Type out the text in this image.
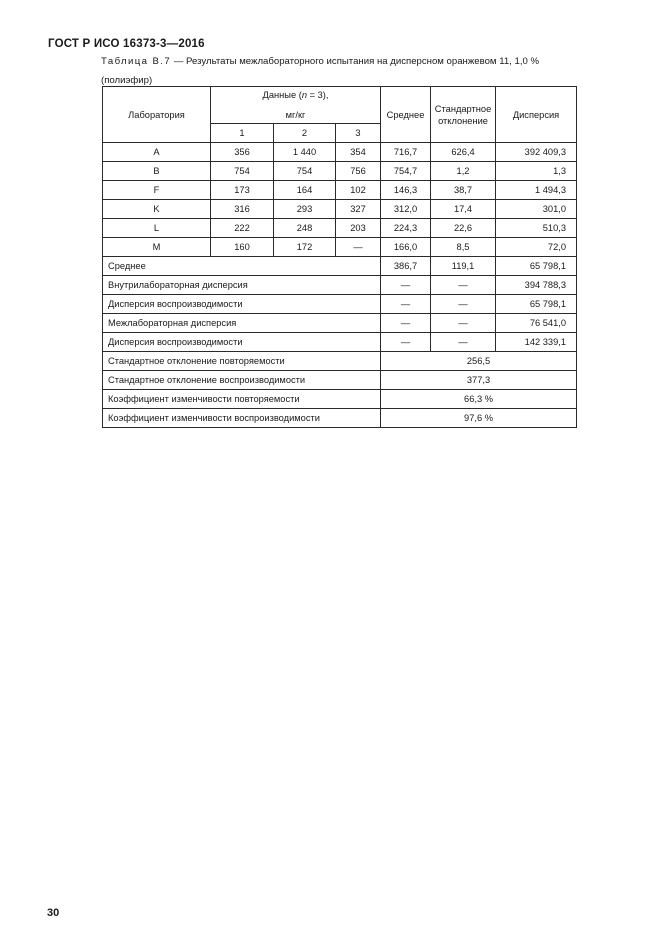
ГОСТ Р ИСО 16373-3—2016
Таблица В.7 — Результаты межлабораторного испытания на дисперсном оранжевом 11, 1,0 %
(полиэфир)
Лаборатория	Данные (n = 3),
мг/кг			Среднее	Стандартное отклонение	Дисперсия
	1	2	3			
A	356	1 440	354	716,7	626,4	392 409,3
B	754	754	756	754,7	1,2	1,3
F	173	164	102	146,3	38,7	1 494,3
K	316	293	327	312,0	17,4	301,0
L	222	248	203	224,3	22,6	510,3
M	160	172	—	166,0	8,5	72,0
Среднее				386,7	119,1	65 798,1
Внутрилабораторная дисперсия				—	—	394 788,3
Дисперсия воспроизводимости				—	—	65 798,1
Межлабораторная дисперсия				—	—	76 541,0
Дисперсия воспроизводимости				—	—	142 339,1
Стандартное отклонение повторяемости				256,5		
Стандартное отклонение воспроизводимости				377,3		
Коэффициент изменчивости повторяемости				66,3 %		
Коэффициент изменчивости воспроизводимости				97,6 %		
30
